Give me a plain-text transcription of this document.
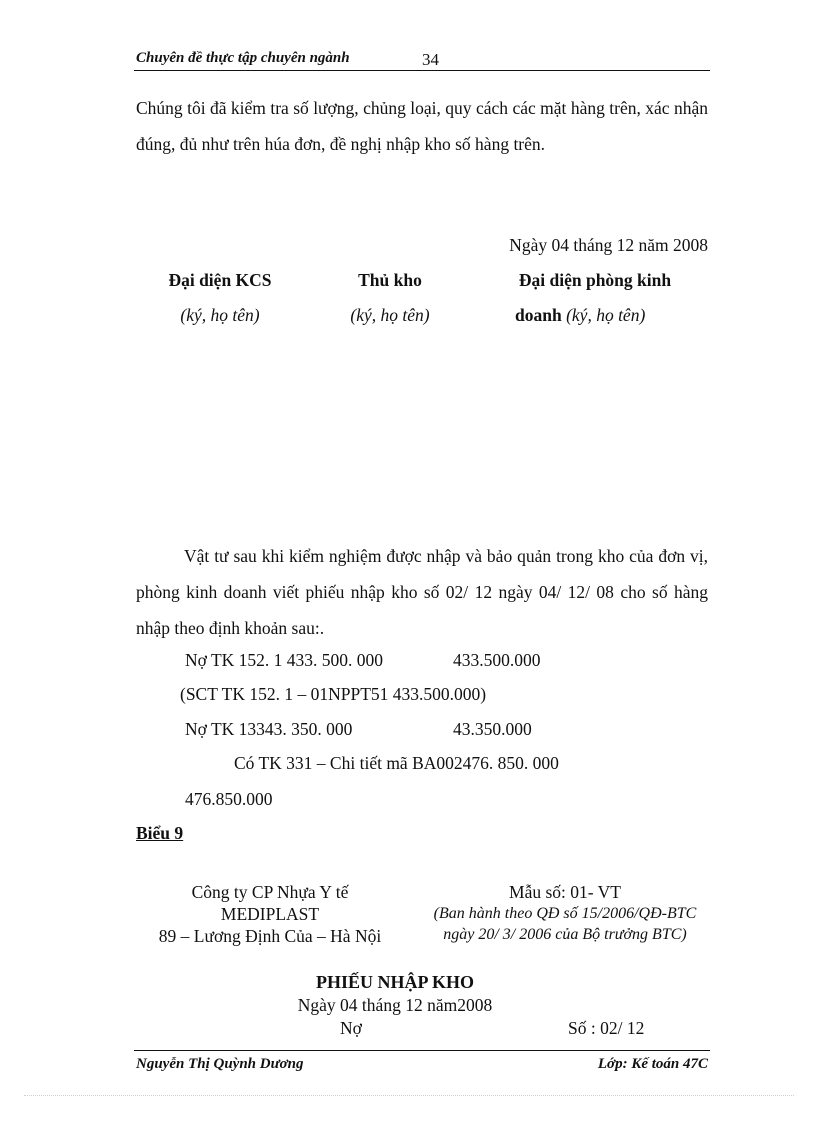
Chuyên đề thực tập chuyên ngành	34
Chúng tôi đã kiểm tra số lượng, chủng loại, quy cách các mặt hàng trên, xác nhận đúng, đủ như trên húa đơn, đề nghị nhập kho số hàng trên.
Ngày 04 tháng 12 năm 2008
Đại diện KCS	Thủ kho	Đại diện phòng kinh
(ký, họ tên)	(ký, họ tên)	doanh (ký, họ tên)
Vật tư sau khi kiểm nghiệm được nhập và bảo quản trong kho của đơn vị, phòng kinh doanh viết phiếu nhập kho số 02/ 12 ngày 04/ 12/ 08 cho số hàng nhập theo định khoản sau:.
Nợ TK 152. 1 433. 500. 000	433.500.000
(SCT TK 152. 1 – 01NPPT51 433.500.000)
Nợ TK 13343. 350. 000	43.350.000
Có TK 331 – Chi tiết mã BA002476. 850. 000
476.850.000
Biểu 9
Công ty CP Nhựa Y tế
MEDIPLAST
89 – Lương Định Của – Hà Nội
Mẫu số: 01- VT
(Ban hành theo QĐ số 15/2006/QĐ-BTC ngày 20/ 3/ 2006 của Bộ trưởng BTC)
PHIẾU NHẬP KHO
Ngày 04 tháng 12 năm2008
Nợ	Số : 02/ 12
Nguyễn Thị Quỳnh Dương	Lớp: Kế toán 47C
